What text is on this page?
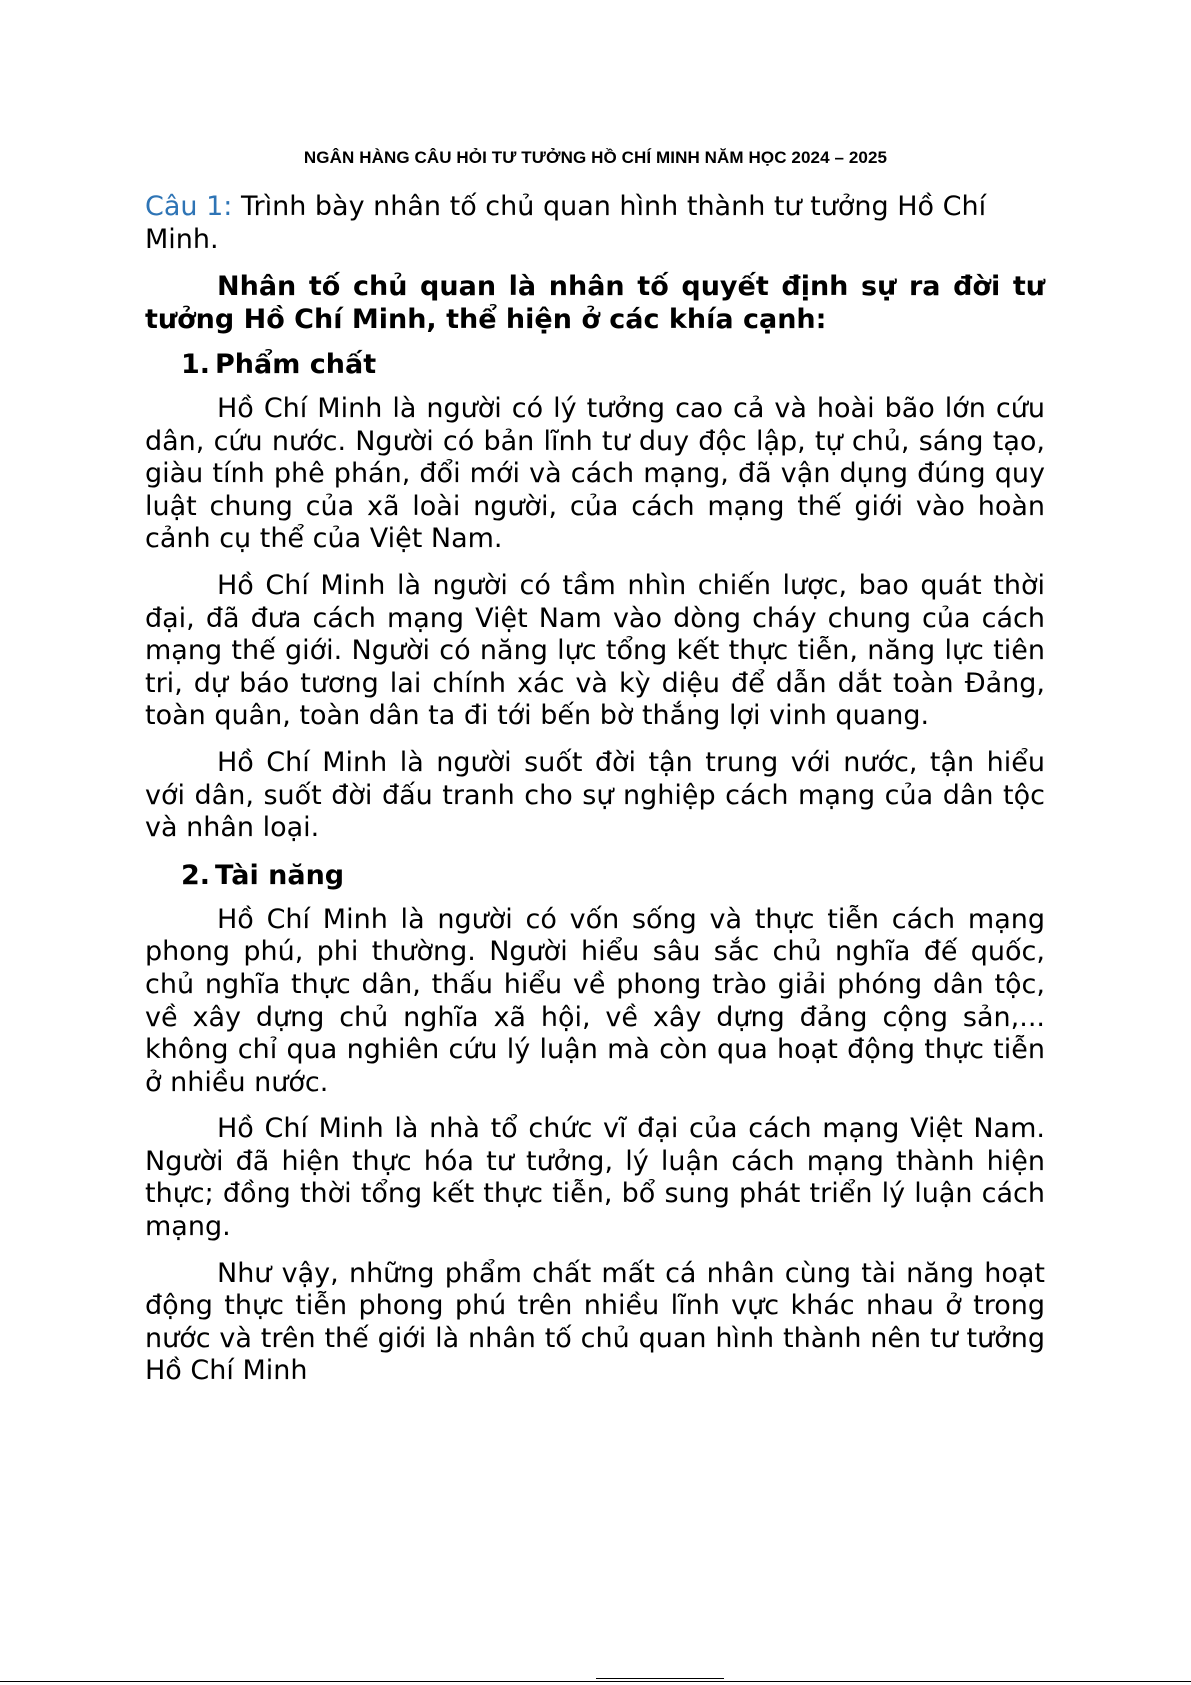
NGÂN HÀNG CÂU HỎI TƯ TƯỞNG HỒ CHÍ MINH NĂM HỌC 2024 – 2025

Câu 1: Trình bày nhân tố chủ quan hình thành tư tưởng Hồ Chí Minh.

Nhân tố chủ quan là nhân tố quyết định sự ra đời tư tưởng Hồ Chí Minh, thể hiện ở các khía cạnh:

1. Phẩm chất

Hồ Chí Minh là người có lý tưởng cao cả và hoài bão lớn cứu dân, cứu nước. Người có bản lĩnh tư duy độc lập, tự chủ, sáng tạo, giàu tính phê phán, đổi mới và cách mạng, đã vận dụng đúng quy luật chung của xã loài người, của cách mạng thế giới vào hoàn cảnh cụ thể của Việt Nam.

Hồ Chí Minh là người có tầm nhìn chiến lược, bao quát thời đại, đã đưa cách mạng Việt Nam vào dòng cháy chung của cách mạng thế giới. Người có năng lực tổng kết thực tiễn, năng lực tiên tri, dự báo tương lai chính xác và kỳ diệu để dẫn dắt toàn Đảng, toàn quân, toàn dân ta đi tới bến bờ thắng lợi vinh quang.

Hồ Chí Minh là người suốt đời tận trung với nước, tận hiểu với dân, suốt đời đấu tranh cho sự nghiệp cách mạng của dân tộc và nhân loại.

2. Tài năng

Hồ Chí Minh là người có vốn sống và thực tiễn cách mạng phong phú, phi thường. Người hiểu sâu sắc chủ nghĩa đế quốc, chủ nghĩa thực dân, thấu hiểu về phong trào giải phóng dân tộc, về xây dựng chủ nghĩa xã hội, về xây dựng đảng cộng sản,... không chỉ qua nghiên cứu lý luận mà còn qua hoạt động thực tiễn ở nhiều nước.

Hồ Chí Minh là nhà tổ chức vĩ đại của cách mạng Việt Nam. Người đã hiện thực hóa tư tưởng, lý luận cách mạng thành hiện thực; đồng thời tổng kết thực tiễn, bổ sung phát triển lý luận cách mạng.

Như vậy, những phẩm chất mất cá nhân cùng tài năng hoạt động thực tiễn phong phú trên nhiều lĩnh vực khác nhau ở trong nước và trên thế giới là nhân tố chủ quan hình thành nên tư tưởng Hồ Chí Minh
